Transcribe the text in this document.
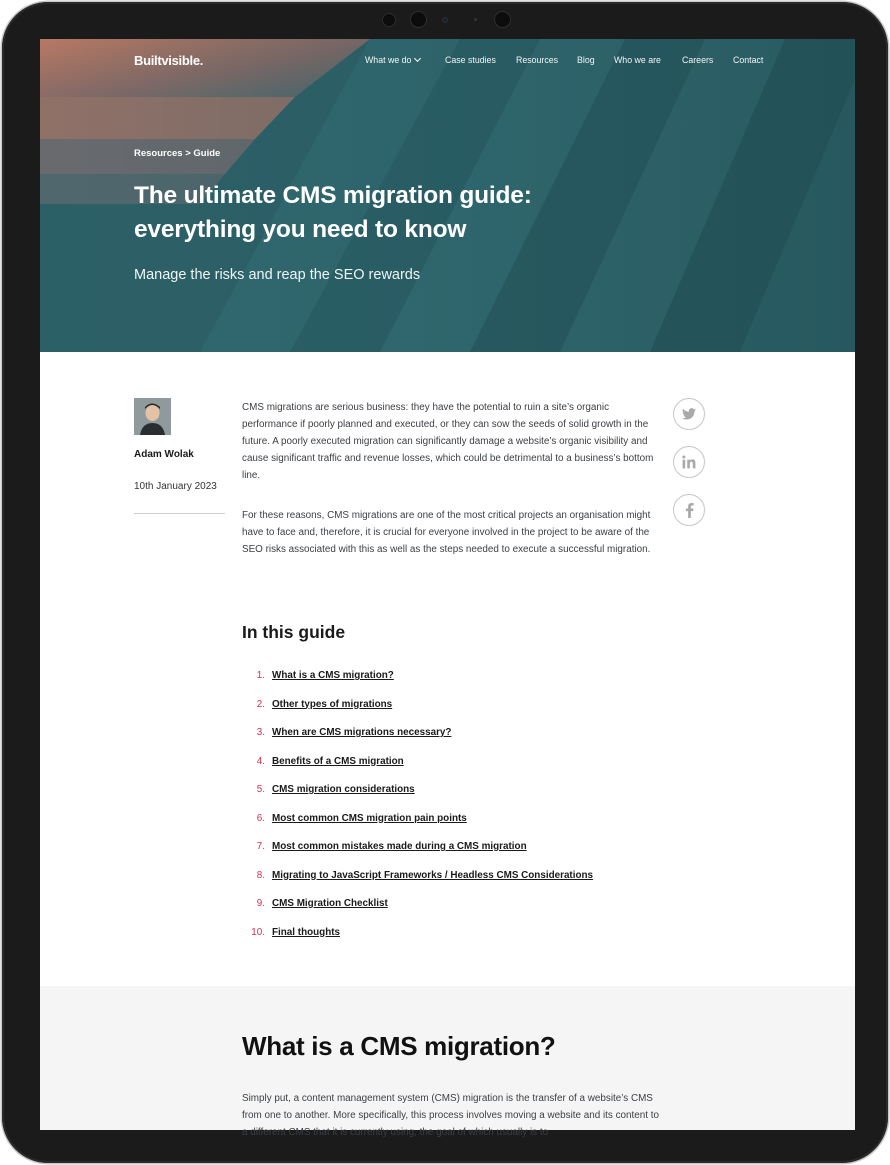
Builtvisible.	What we do	Case studies Resources Blog Who we are Careers Contact
Resources > Guide
The ultimate CMS migration guide: everything you need to know
Manage the risks and reap the SEO rewards
Adam Wolak
10th January 2023

CMS migrations are serious business: they have the potential to ruin a site’s organic performance if poorly planned and executed, or they can sow the seeds of solid growth in the future. A poorly executed migration can significantly damage a website’s organic visibility and cause significant traffic and revenue losses, which could be detrimental to a business’s bottom line.

For these reasons, CMS migrations are one of the most critical projects an organisation might have to face and, therefore, it is crucial for everyone involved in the project to be aware of the SEO risks associated with this as well as the steps needed to execute a successful migration.

In this guide
1. What is a CMS migration?
2. Other types of migrations
3. When are CMS migrations necessary?
4. Benefits of a CMS migration
5. CMS migration considerations
6. Most common CMS migration pain points
7. Most common mistakes made during a CMS migration
8. Migrating to JavaScript Frameworks / Headless CMS Considerations
9. CMS Migration Checklist
10. Final thoughts
What is a CMS migration?

Simply put, a content management system (CMS) migration is the transfer of a website’s CMS from one to another. More specifically, this process involves moving a website and its content to a different CMS that it is currently using, the goal of which usually is to
